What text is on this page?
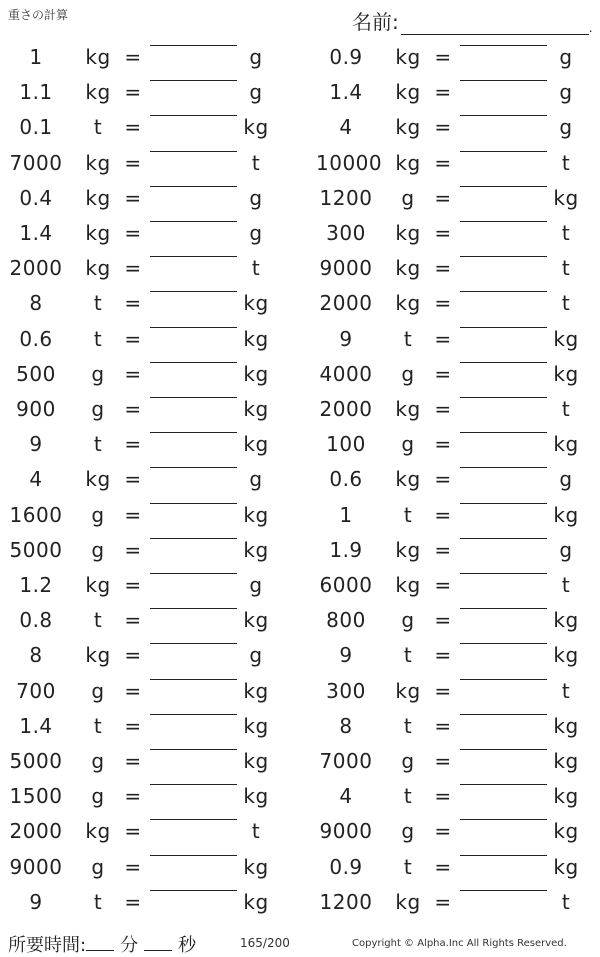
重さの計算	名前:	.
1	kg =	g	0.9	kg =	g
1.1	kg =	g	1.4	kg =	g
0.1	t	=	kg	4	kg =	g
7000	kg =	t	10000 kg =	t
0.4	kg =	g	1200	g =	kg
1.4	kg =	g	300	kg =	t
2000	kg =	t	9000	kg =	t
8	t	=	kg	2000	kg =	t
0.6	t	=	kg	9	t	=	kg
500	g =	kg	4000	g =	kg
900	g =	kg	2000	kg =	t
9	t	=	kg	100	g =	kg
4	kg =	g	0.6	kg =	g
1600	g =	kg	1	t	=	kg
5000	g =	kg	1.9	kg =	g
1.2	kg =	g	6000	kg =	t
0.8	t	=	kg	800	g =	kg
8	kg =	g	9	t	=	kg
700	g =	kg	300	kg =	t
1.4	t	=	kg	8	t	=	kg
5000	g =	kg	7000	g =	kg
1500	g =	kg	4	t	=	kg
2000	kg =	t	9000	g =	kg
9000	g =	kg	0.9	t	=	kg
9	t	=	kg	1200	kg =	t
所要時間:	分	秒	165/200	Copyright © Alpha.Inc All Rights Reserved.
